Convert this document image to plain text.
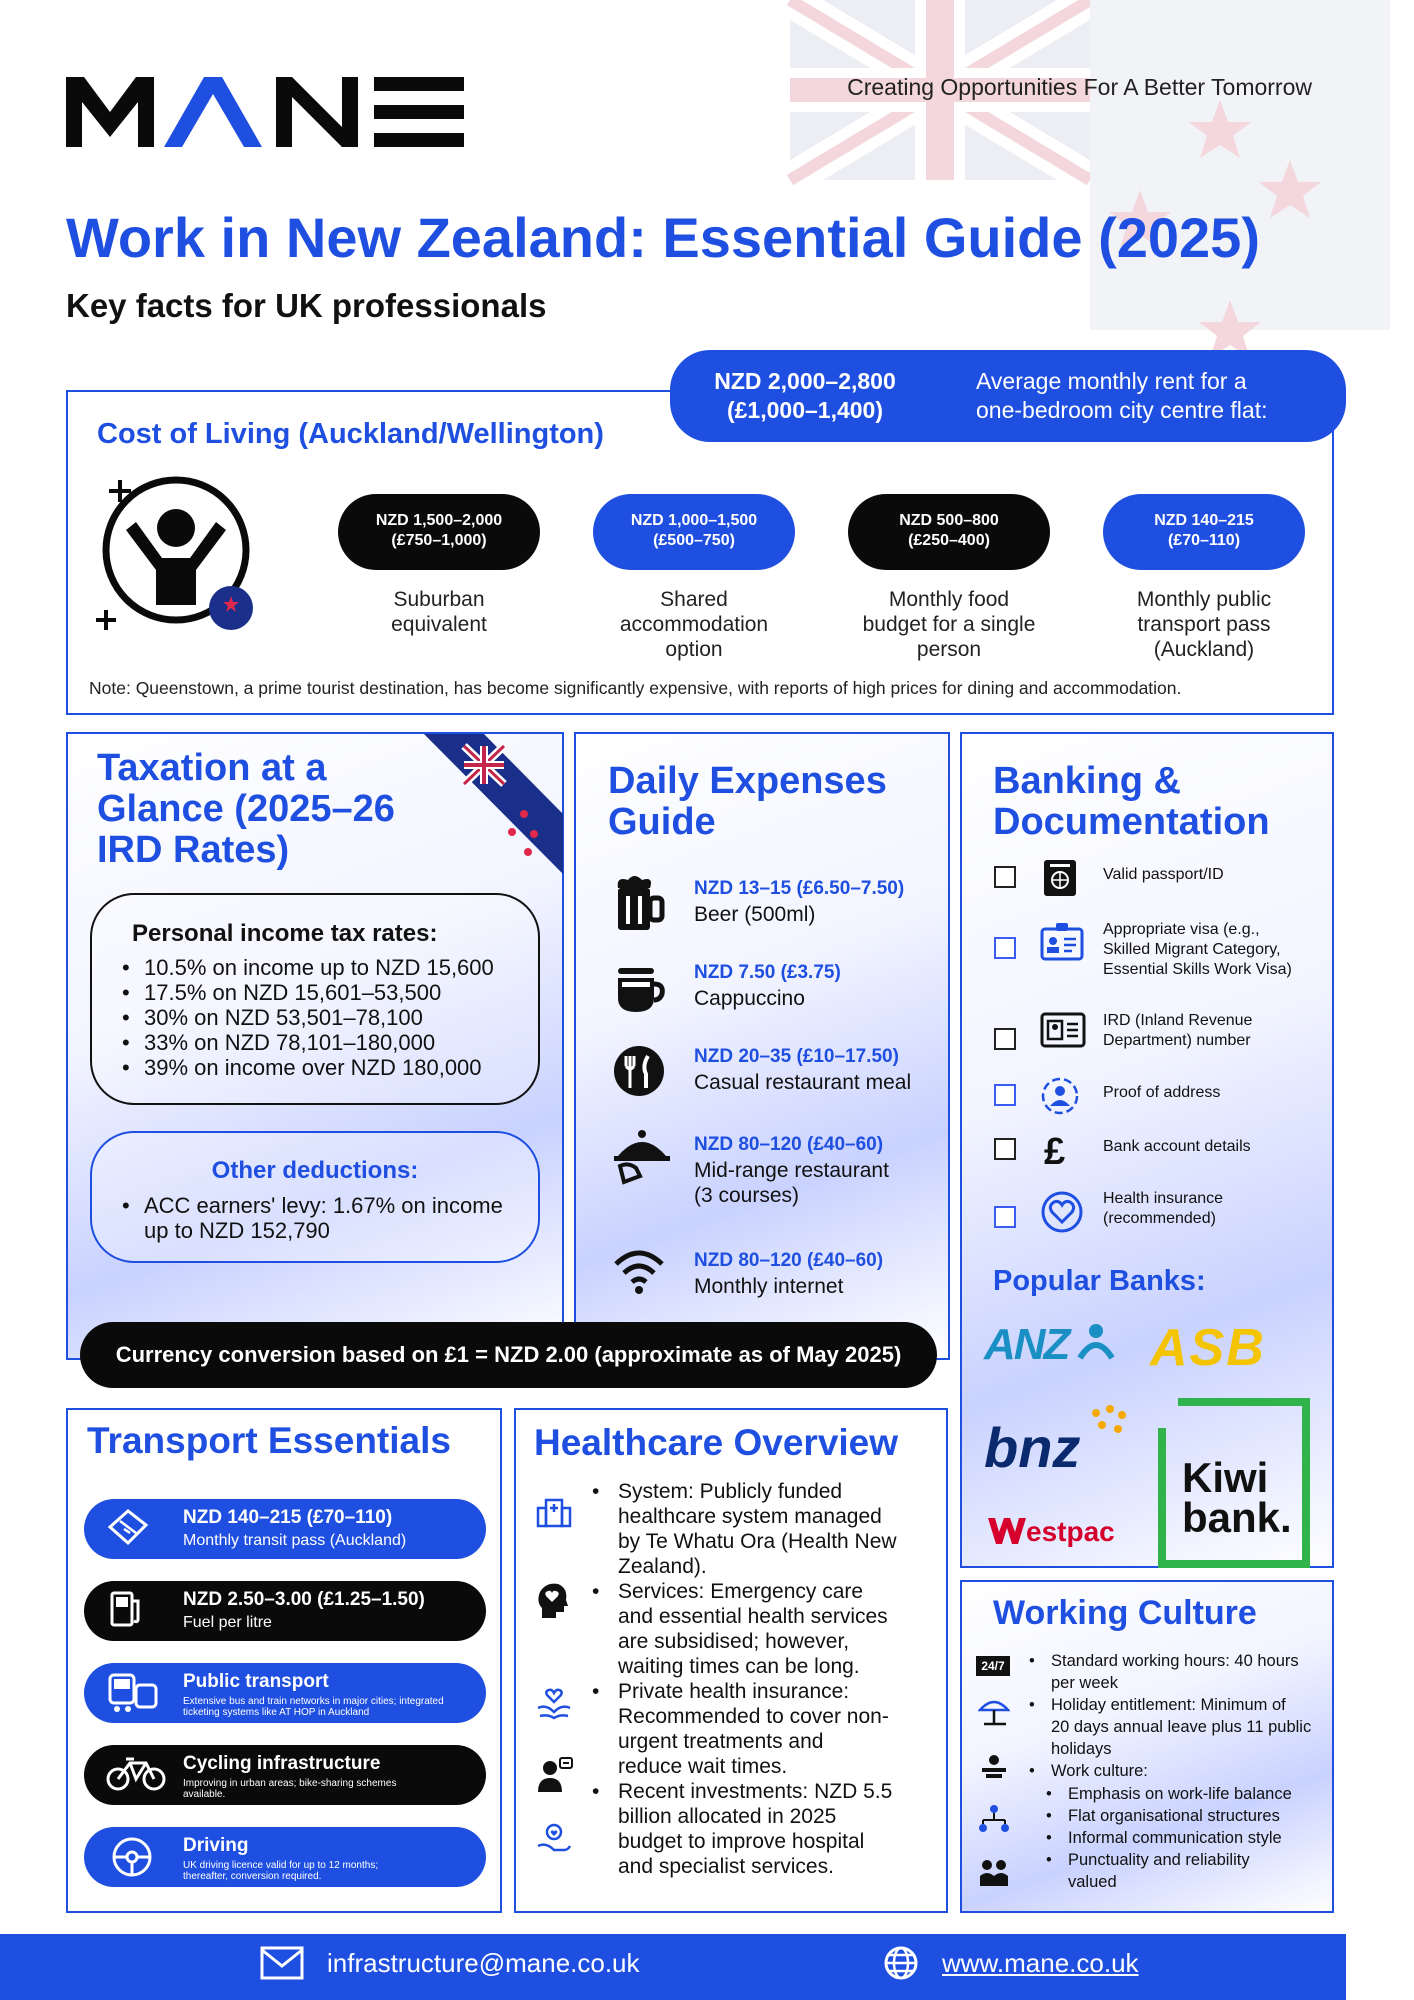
Creating Opportunities For A Better Tomorrow
Work in New Zealand: Essential Guide (2025)
Key facts for UK professionals
NZD 2,000–2,800
(£1,000–1,400)
Average monthly rent for a
one-bedroom city centre flat:
Cost of Living (Auckland/Wellington)
NZD 1,500–2,000
(£750–1,000)
Suburban
equivalent
NZD 1,000–1,500
(£500–750)
Shared
accommodation
option
NZD 500–800
(£250–400)
Monthly food
budget for a single
person
NZD 140–215
(£70–110)
Monthly public
transport pass
(Auckland)
Note: Queenstown, a prime tourist destination, has become significantly expensive, with reports of high prices for dining and accommodation.
Taxation at a
Glance (2025–26
IRD Rates)
Personal income tax rates:
• 10.5% on income up to NZD 15,600
• 17.5% on NZD 15,601–53,500
• 30% on NZD 53,501–78,100
• 33% on NZD 78,101–180,000
• 39% on income over NZD 180,000
Other deductions:
• ACC earners' levy: 1.67% on income
up to NZD 152,790
Daily Expenses
Guide
NZD 13–15 (£6.50–7.50)
Beer (500ml)
NZD 7.50 (£3.75)
Cappuccino
NZD 20–35 (£10–17.50)
Casual restaurant meal
NZD 80–120 (£40–60)
Mid-range restaurant
(3 courses)
NZD 80–120 (£40–60)
Monthly internet
Banking &
Documentation
Valid passport/ID
Appropriate visa (e.g.,
Skilled Migrant Category,
Essential Skills Work Visa)
IRD (Inland Revenue
Department) number
Proof of address
£ Bank account details
Health insurance
(recommended)
Popular Banks:
ANZ ASB
bnz Kiwi
bank.
estpac
Currency conversion based on £1 = NZD 2.00 (approximate as of May 2025)
Transport Essentials
NZD 140–215 (£70–110)
Monthly transit pass (Auckland)
NZD 2.50–3.00 (£1.25–1.50)
Fuel per litre
Public transport
Extensive bus and train networks in major cities; integrated
ticketing systems like AT HOP in Auckland
Cycling infrastructure
Improving in urban areas; bike-sharing schemes
available.
Driving
UK driving licence valid for up to 12 months;
thereafter, conversion required.
Healthcare Overview
• System: Publicly funded
healthcare system managed
by Te Whatu Ora (Health New
Zealand).
• Services: Emergency care
and essential health services
are subsidised; however,
waiting times can be long.
• Private health insurance:
Recommended to cover non-
urgent treatments and
reduce wait times.
• Recent investments: NZD 5.5
billion allocated in 2025
budget to improve hospital
and specialist services.
Working Culture
24/7
•	Standard working hours: 40 hours
per week
• Holiday entitlement: Minimum of
20 days annual leave plus 11 public
holidays
• Work culture:
• Emphasis on work-life balance
• Flat organisational structures
• Informal communication style
• Punctuality and reliability
valued
infrastructure@mane.co.uk	www.mane.co.uk
